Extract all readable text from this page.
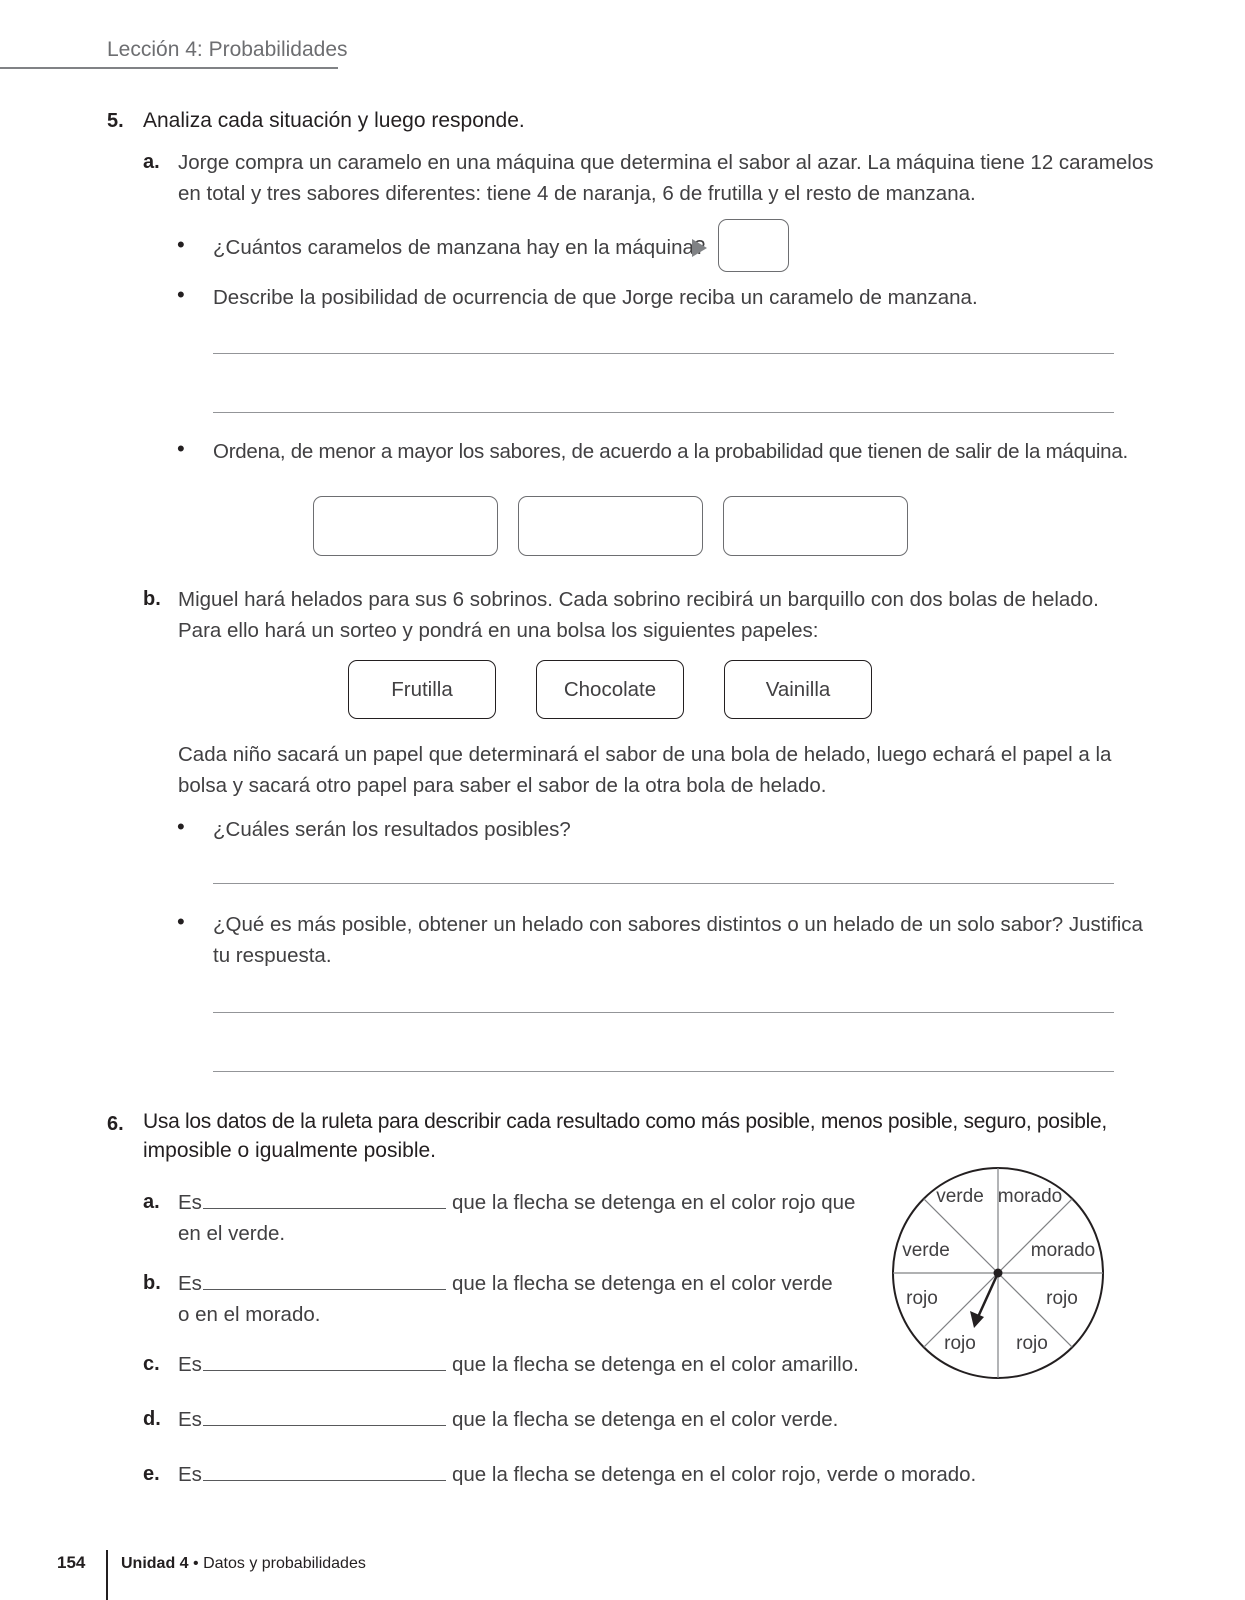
Lección 4: Probabilidades
5. Analiza cada situación y luego responde.
a. Jorge compra un caramelo en una máquina que determina el sabor al azar. La máquina tiene 12 caramelos
en total y tres sabores diferentes: tiene 4 de naranja, 6 de frutilla y el resto de manzana.
• ¿Cuántos caramelos de manzana hay en la máquina?
• Describe la posibilidad de ocurrencia de que Jorge reciba un caramelo de manzana.
• Ordena, de menor a mayor los sabores, de acuerdo a la probabilidad que tienen de salir de la máquina.
b. Miguel hará helados para sus 6 sobrinos. Cada sobrino recibirá un barquillo con dos bolas de helado.
Para ello hará un sorteo y pondrá en una bolsa los siguientes papeles:
Frutilla	Chocolate	Vainilla
Cada niño sacará un papel que determinará el sabor de una bola de helado, luego echará el papel a la
bolsa y sacará otro papel para saber el sabor de la otra bola de helado.
• ¿Cuáles serán los resultados posibles?
• ¿Qué es más posible, obtener un helado con sabores distintos o un helado de un solo sabor? Justifica
tu respuesta.
6. Usa los datos de la ruleta para describir cada resultado como más posible, menos posible, seguro, posible,
imposible o igualmente posible.
a. Es	que la flecha se detenga en el color rojo que
en el verde.
b. Es	que la flecha se detenga en el color verde
o en el morado.
c. Es	que la flecha se detenga en el color amarillo.
d. Es	que la flecha se detenga en el color verde.
e. Es	que la flecha se detenga en el color rojo, verde o morado.
verde morado
verde	morado
rojo	rojo
rojo rojo
154 Unidad 4 • Datos y probabilidades
